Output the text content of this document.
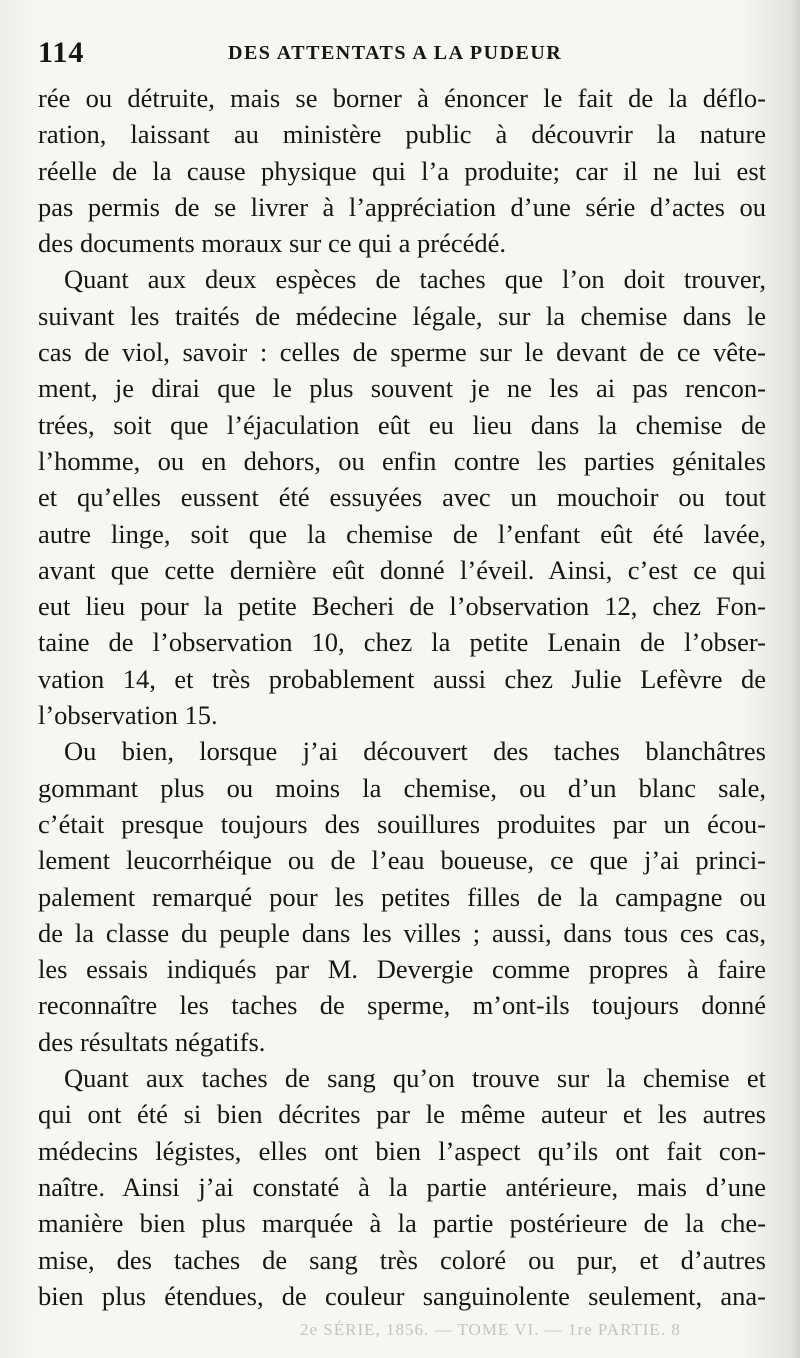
114	DES ATTENTATS A LA PUDEUR
rée ou détruite, mais se borner à énoncer le fait de la déflo-
ration, laissant au ministère public à découvrir la nature
réelle de la cause physique qui l’a produite; car il ne lui est
pas permis de se livrer à l’appréciation d’une série d’actes ou
des documents moraux sur ce qui a précédé.
Quant aux deux espèces de taches que l’on doit trouver,
suivant les traités de médecine légale, sur la chemise dans le
cas de viol, savoir : celles de sperme sur le devant de ce vête-
ment, je dirai que le plus souvent je ne les ai pas rencon-
trées, soit que l’éjaculation eût eu lieu dans la chemise de
l’homme, ou en dehors, ou enfin contre les parties génitales
et qu’elles eussent été essuyées avec un mouchoir ou tout
autre linge, soit que la chemise de l’enfant eût été lavée,
avant que cette dernière eût donné l’éveil. Ainsi, c’est ce qui
eut lieu pour la petite Becheri de l’observation 12, chez Fon-
taine de l’observation 10, chez la petite Lenain de l’obser-
vation 14, et très probablement aussi chez Julie Lefèvre de
l’observation 15.
Ou bien, lorsque j’ai découvert des taches blanchâtres
gommant plus ou moins la chemise, ou d’un blanc sale,
c’était presque toujours des souillures produites par un écou-
lement leucorrhéique ou de l’eau boueuse, ce que j’ai princi-
palement remarqué pour les petites filles de la campagne ou
de la classe du peuple dans les villes ; aussi, dans tous ces cas,
les essais indiqués par M. Devergie comme propres à faire
reconnaître les taches de sperme, m’ont-ils toujours donné
des résultats négatifs.
Quant aux taches de sang qu’on trouve sur la chemise et
qui ont été si bien décrites par le même auteur et les autres
médecins légistes, elles ont bien l’aspect qu’ils ont fait con-
naître. Ainsi j’ai constaté à la partie antérieure, mais d’une
manière bien plus marquée à la partie postérieure de la che-
mise, des taches de sang très coloré ou pur, et d’autres
bien plus étendues, de couleur sanguinolente seulement, ana-
2e SÉRIE, 1856. — TOME VI. — 1re PARTIE. 8
